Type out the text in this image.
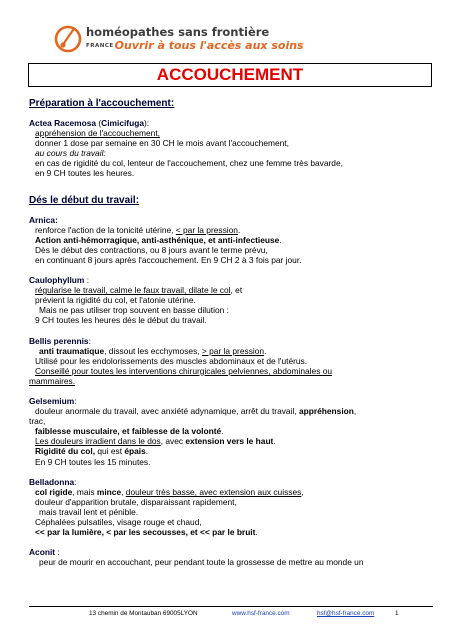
homéopathes sans frontière
FRANCEOuvrir à tous l'accès aux soins
ACCOUCHEMENT
Préparation à l'accouchement:
Actea Racemosa (Cimicifuga):
appréhension de l'accouchement,
donner 1 dose par semaine en 30 CH le mois avant l'accouchement,
au cours du travail:
en cas de rigidité du col, lenteur de l'accouchement, chez une femme très bavarde,
en 9 CH toutes les heures.
Dés le début du travail:
Arnica:
renforce l'action de la tonicité utérine, < par la pression.
Action anti-hémorragique, anti-asthénique, et anti-infectieuse.
Dès le début des contractions, ou 8 jours avant le terme prévu,
en continuant 8 jours après l'accouchement. En 9 CH 2 à 3 fois par jour.
Caulophyllum :
régularise le travail, calme le faux travail, dilate le col, et
prévient la rigidité du col, et l'atonie utérine.
Mais ne pas utiliser trop souvent en basse dilution :
9 CH toutes les heures dés le début du travail.
Bellis perennis:
anti traumatique, dissout les ecchymoses, > par la pression.
Utilisé pour les endolorissements des muscles abdominaux et de l'utérus.
Conseillé pour toutes les interventions chirurgicales pelviennes, abdominales ou
mammaires.
Gelsemium:
douleur anormale du travail, avec anxiété adynamique, arrêt du travail, appréhension,
trac,
faiblesse musculaire, et faiblesse de la volonté.
Les douleurs irradient dans le dos, avec extension vers le haut.
Rigidité du col, qui est épais.
En 9 CH toutes les 15 minutes.
Belladonna:
col rigide, mais mince, douleur très basse, avec extension aux cuisses,
douleur d'apparition brutale, disparaissant rapidement,
mais travail lent et pénible.
Céphalées pulsatiles, visage rouge et chaud,
<< par la lumière, < par les secousses, et << par le bruit.
Aconit :
peur de mourir en accouchant, peur pendant toute la grossesse de mettre au monde un
13 chemin de Montauban 69005LYON	www.hsf-france.com	hsf@hsf-france.com	1
